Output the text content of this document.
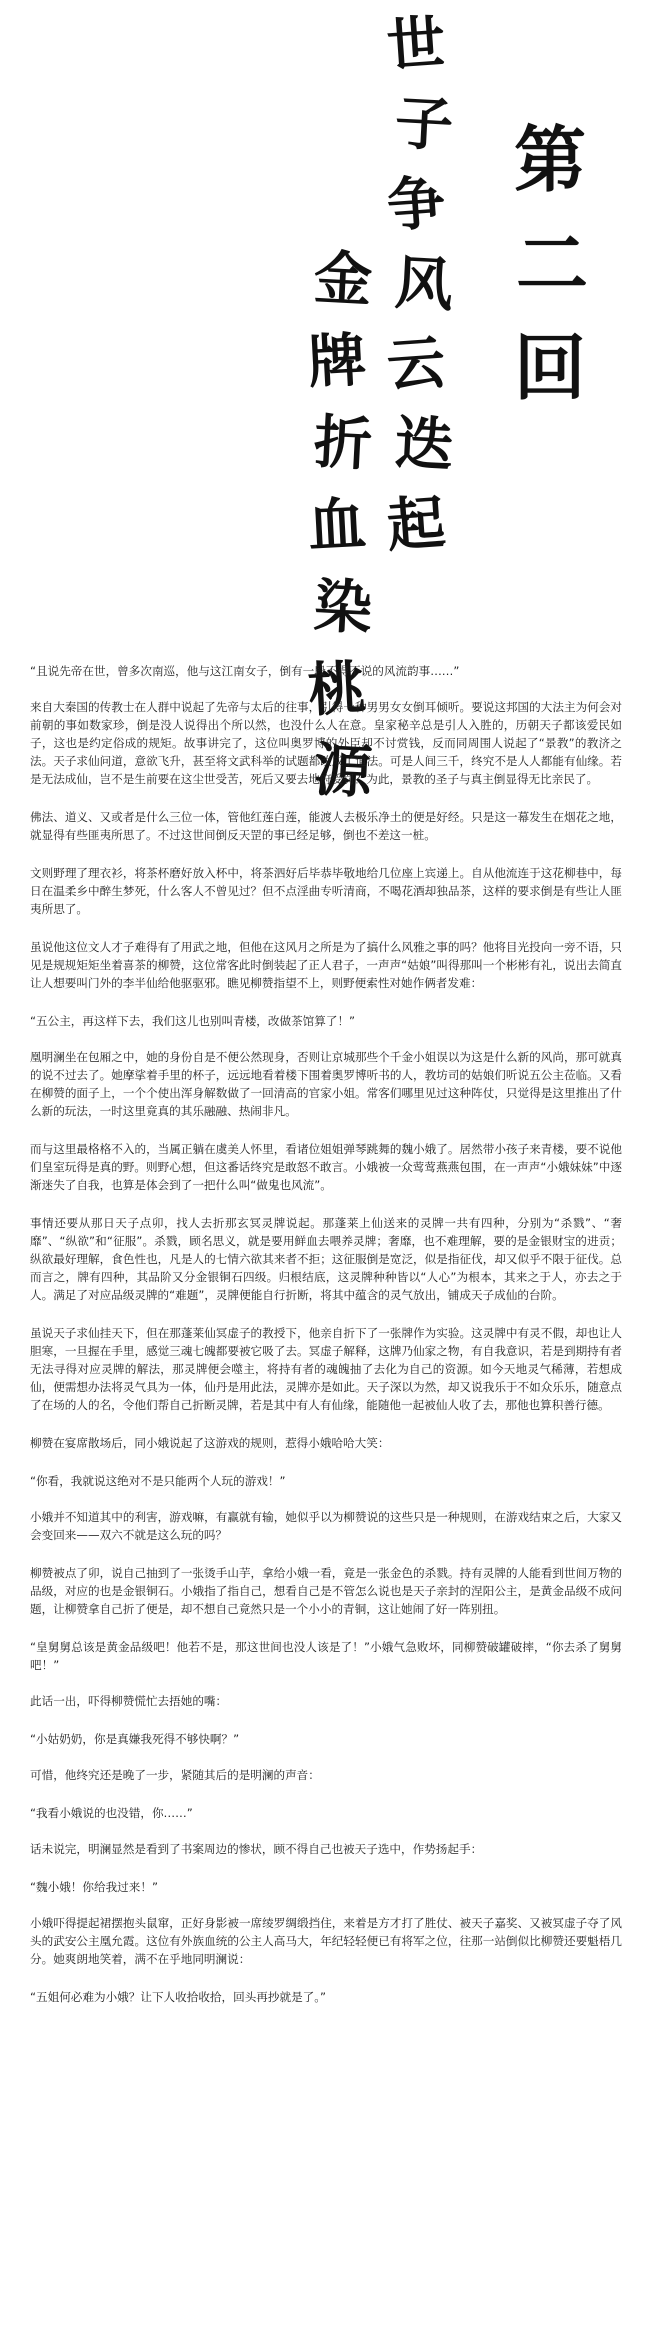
世
子
争
风
云
迭
起
金
牌
折
血
染
桃
源
第
二
回

“且说先帝在世，曾多次南巡，他与这江南女子，倒有一段不得不说的风流韵事……”

来自大秦国的传教士在人群中说起了先帝与太后的往事，引得一种男男女女倒耳倾听。要说这邦国的大法主为何会对前朝的事如数家珍，倒是没人说得出个所以然，也没什么人在意。皇家秘辛总是引人入胜的，历朝天子都该爱民如子，这也是约定俗成的规矩。故事讲完了，这位叫奥罗博的外臣却不讨赏钱，反而同周围人说起了“景教”的教济之法。天子求仙问道，意欲飞升，甚至将文武科举的试题都改成了道法。可是人间三千，终究不是人人都能有仙缘。若是无法成仙，岂不是生前要在这尘世受苦，死后又要去地府受罚？为此，景教的圣子与真主倒显得无比亲民了。

佛法、道义、又或者是什么三位一体，管他红莲白莲，能渡人去极乐净土的便是好经。只是这一幕发生在烟花之地，就显得有些匪夷所思了。不过这世间倒反天罡的事已经足够，倒也不差这一桩。

文则野理了理衣衫，将茶杯磨好放入杯中，将茶泗好后毕恭毕敬地给几位座上宾递上。自从他流连于这花柳巷中，每日在温柔乡中醉生梦死，什么客人不曾见过？但不点淫曲专听清商，不喝花酒却独品茶，这样的要求倒是有些让人匪夷所思了。

虽说他这位文人才子难得有了用武之地，但他在这风月之所是为了搞什么风雅之事的吗？他将目光投向一旁不语，只见是规规矩矩坐着喜茶的柳赞，这位常客此时倒装起了正人君子，一声声“姑娘”叫得那叫一个彬彬有礼，说出去简直让人想要叫门外的李半仙给他驱驱邪。瞧见柳赞指望不上，则野便索性对她作俩者发难：

“五公主，再这样下去，我们这儿也别叫青楼，改做茶馆算了！”

凰明澜坐在包厢之中，她的身份自是不便公然现身，否则让京城那些个千金小姐误以为这是什么新的风尚，那可就真的说不过去了。她摩挲着手里的杯子，远远地看着楼下围着奥罗博听书的人，教坊司的姑娘们听说五公主莅临。又看在柳赞的面子上，一个个使出浑身解数做了一回清高的官家小姐。常客们哪里见过这种阵仗，只觉得是这里推出了什么新的玩法，一时这里竟真的其乐融融、热闹非凡。

而与这里最格格不入的，当属正躺在虞美人怀里，看诸位姐姐弹琴跳舞的魏小娥了。居然带小孩子来青楼，要不说他们皇室玩得是真的野。则野心想，但这番话终究是敢怒不敢言。小娥被一众莺莺燕燕包围，在一声声“小娥妹妹”中逐渐迷失了自我，也算是体会到了一把什么叫“做鬼也风流”。

事情还要从那日天子点卯，找人去折那玄冥灵牌说起。那蓬莱上仙送来的灵牌一共有四种，分别为“杀戮”、“奢靡”、“纵欲”和“征服”。杀戮，顾名思义，就是要用鲜血去喂养灵牌；奢靡，也不难理解，要的是金银财宝的进贡；纵欲最好理解，食色性也，凡是人的七情六欲其来者不拒；这征服倒是宽泛，似是指征伐，却又似乎不限于征伐。总而言之，牌有四种，其品阶又分金银铜石四级。归根结底，这灵牌种种皆以“人心”为根本，其来之于人，亦去之于人。满足了对应品级灵牌的“难题”，灵牌便能自行折断，将其中蕴含的灵气放出，铺成天子成仙的台阶。

虽说天子求仙挂天下，但在那蓬莱仙冥虚子的教授下，他亲自折下了一张牌作为实验。这灵牌中有灵不假，却也让人胆寒，一旦握在手里，感觉三魂七魄都要被它吸了去。冥虚子解释，这牌乃仙家之物，有自我意识，若是到期持有者无法寻得对应灵牌的解法，那灵牌便会噬主，将持有者的魂魄抽了去化为自己的资源。如今天地灵气稀薄，若想成仙，便需想办法将灵气具为一体，仙丹是用此法，灵牌亦是如此。天子深以为然，却又说我乐于不如众乐乐，随意点了在场的人的名，令他们帮自己折断灵牌，若是其中有人有仙缘，能随他一起被仙人收了去，那他也算积善行德。

柳赞在宴席散场后，同小娥说起了这游戏的规则，惹得小娥哈哈大笑：

“你看，我就说这绝对不是只能两个人玩的游戏！”

小娥并不知道其中的利害，游戏嘛，有赢就有输，她似乎以为柳赞说的这些只是一种规则，在游戏结束之后，大家又会变回来——双六不就是这么玩的吗？

柳赞被点了卯，说自己抽到了一张烫手山芋，拿给小娥一看，竟是一张金色的杀戮。持有灵牌的人能看到世间万物的品级，对应的也是金银铜石。小娥指了指自己，想看自己是不管怎么说也是天子亲封的涅阳公主，是黄金品级不成问题，让柳赞拿自己折了便是，却不想自己竟然只是一个小小的青铜，这让她闹了好一阵别扭。

“皇舅舅总该是黄金品级吧！他若不是，那这世间也没人该是了！”小娥气急败坏，同柳赞破罐破摔，“你去杀了舅舅吧！”

此话一出，吓得柳赞慌忙去捂她的嘴：

“小姑奶奶，你是真嫌我死得不够快啊？”

可惜，他终究还是晚了一步，紧随其后的是明澜的声音：

“我看小娥说的也没错，你……”

话未说完，明澜显然是看到了书案周边的惨状，顾不得自己也被天子选中，作势扬起手：

“魏小娥！你给我过来！”

小娥吓得提起裙摆抱头鼠窜，正好身影被一席绫罗绸缎挡住，来着是方才打了胜仗、被天子嘉奖、又被冥虚子夺了风头的武安公主凰允霞。这位有外族血统的公主人高马大，年纪轻轻便已有将军之位，往那一站倒似比柳赞还要魁梧几分。她爽朗地笑着，满不在乎地同明澜说：

“五姐何必难为小娥？让下人收拾收拾，回头再抄就是了。”
